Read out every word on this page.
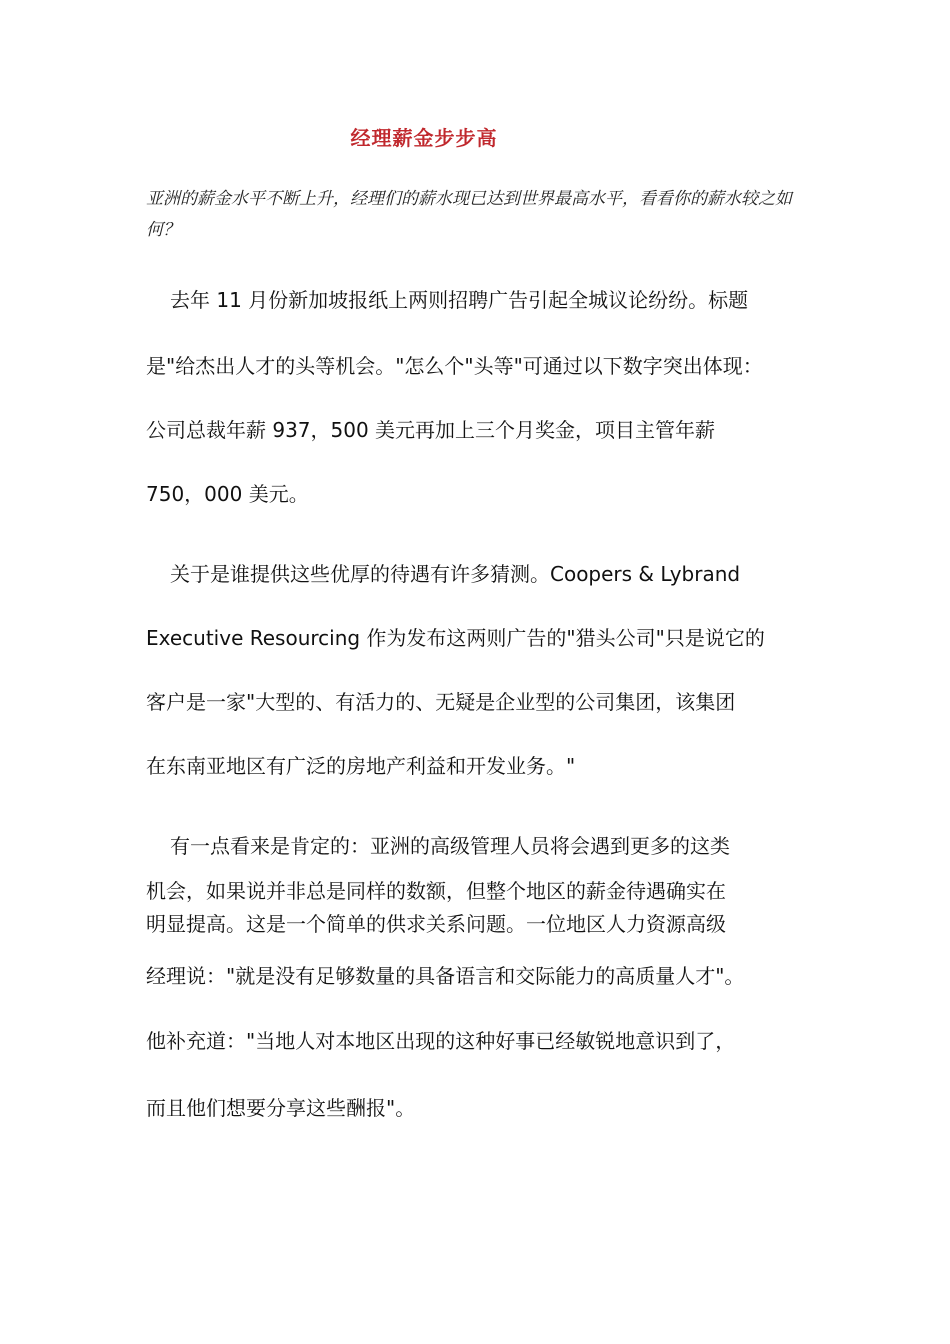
经理薪金步步高
亚洲的薪金水平不断上升，经理们的薪水现已达到世界最高水平，看看你的薪水较之如何？
去年 11 月份新加坡报纸上两则招聘广告引起全城议论纷纷。标题
是"给杰出人才的头等机会。"怎么个"头等"可通过以下数字突出体现：
公司总裁年薪 937，500 美元再加上三个月奖金，项目主管年薪
750，000 美元。
关于是谁提供这些优厚的待遇有许多猜测。Coopers & Lybrand
Executive Resourcing 作为发布这两则广告的"猎头公司"只是说它的
客户是一家"大型的、有活力的、无疑是企业型的公司集团，该集团
在东南亚地区有广泛的房地产利益和开发业务。"
有一点看来是肯定的：亚洲的高级管理人员将会遇到更多的这类
机会，如果说并非总是同样的数额，但整个地区的薪金待遇确实在
明显提高。这是一个简单的供求关系问题。一位地区人力资源高级
经理说："就是没有足够数量的具备语言和交际能力的高质量人才"。
他补充道："当地人对本地区出现的这种好事已经敏锐地意识到了，
而且他们想要分享这些酬报"。
